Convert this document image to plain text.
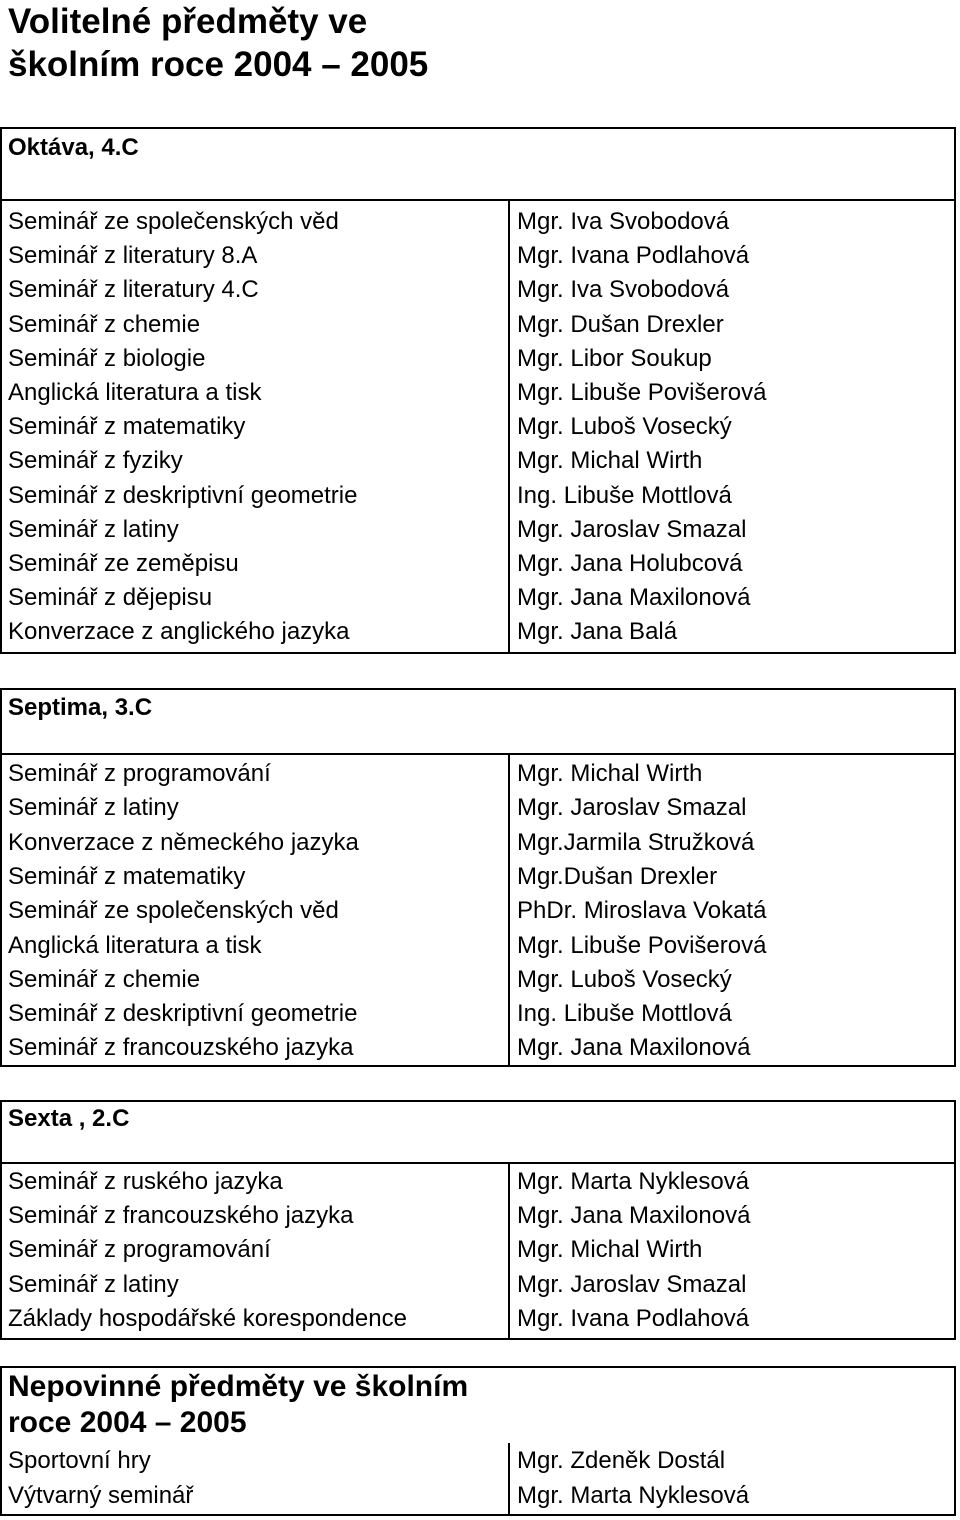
Volitelné předměty ve
školním roce 2004 – 2005
Oktáva, 4.C
Seminář ze společenských věd	Mgr. Iva Svobodová
Seminář z literatury 8.A	Mgr. Ivana Podlahová
Seminář z literatury 4.C	Mgr. Iva Svobodová
Seminář z chemie	Mgr. Dušan Drexler
Seminář z biologie	Mgr. Libor Soukup
Anglická literatura a tisk	Mgr. Libuše Povišerová
Seminář z matematiky	Mgr. Luboš Vosecký
Seminář z fyziky	Mgr. Michal Wirth
Seminář z deskriptivní geometrie	Ing. Libuše Mottlová
Seminář z latiny	Mgr. Jaroslav Smazal
Seminář ze zeměpisu	Mgr. Jana Holubcová
Seminář z dějepisu	Mgr. Jana Maxilonová
Konverzace z anglického jazyka	Mgr. Jana Balá
Septima, 3.C
Seminář z programování	Mgr. Michal Wirth
Seminář z latiny	Mgr. Jaroslav Smazal
Konverzace z německého jazyka	Mgr.Jarmila Stružková
Seminář z matematiky	Mgr.Dušan Drexler
Seminář ze společenských věd	PhDr. Miroslava Vokatá
Anglická literatura a tisk	Mgr. Libuše Povišerová
Seminář z chemie	Mgr. Luboš Vosecký
Seminář z deskriptivní geometrie	Ing. Libuše Mottlová
Seminář z francouzského jazyka	Mgr. Jana Maxilonová
Sexta , 2.C
Seminář z ruského jazyka	Mgr. Marta Nyklesová
Seminář z francouzského jazyka	Mgr. Jana Maxilonová
Seminář z programování	Mgr. Michal Wirth
Seminář z latiny	Mgr. Jaroslav Smazal
Základy hospodářské korespondence	Mgr. Ivana Podlahová
Nepovinné předměty ve školním
roce 2004 – 2005
Sportovní hry	Mgr. Zdeněk Dostál
Výtvarný seminář	Mgr. Marta Nyklesová
